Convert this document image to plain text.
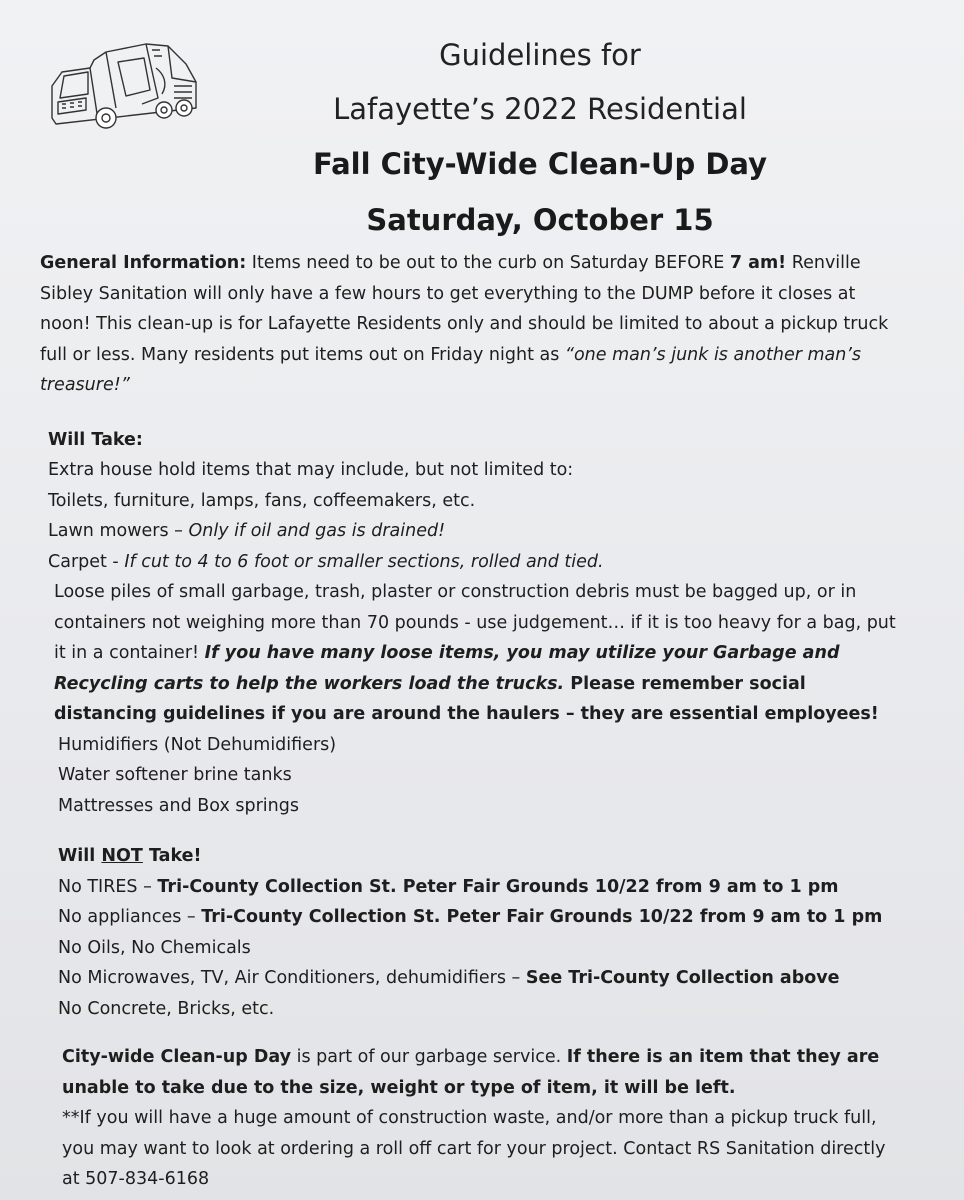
Guidelines for
Lafayette’s 2022 Residential
Fall City-Wide Clean-Up Day
Saturday, October 15

General Information: Items need to be out to the curb on Saturday BEFORE 7 am! Renville Sibley Sanitation will only have a few hours to get everything to the DUMP before it closes at noon! This clean-up is for Lafayette Residents only and should be limited to about a pickup truck full or less. Many residents put items out on Friday night as “one man’s junk is another man’s treasure!”

Will Take:
Extra house hold items that may include, but not limited to:
Toilets, furniture, lamps, fans, coffeemakers, etc.
Lawn mowers – Only if oil and gas is drained!
Carpet - If cut to 4 to 6 foot or smaller sections, rolled and tied.
Loose piles of small garbage, trash, plaster or construction debris must be bagged up, or in containers not weighing more than 70 pounds - use judgement… if it is too heavy for a bag, put it in a container! If you have many loose items, you may utilize your Garbage and Recycling carts to help the workers load the trucks. Please remember social distancing guidelines if you are around the haulers – they are essential employees!
Humidifiers (Not Dehumidifiers)
Water softener brine tanks
Mattresses and Box springs
Will NOT Take!
No TIRES – Tri-County Collection St. Peter Fair Grounds 10/22 from 9 am to 1 pm
No appliances – Tri-County Collection St. Peter Fair Grounds 10/22 from 9 am to 1 pm
No Oils, No Chemicals
No Microwaves, TV, Air Conditioners, dehumidifiers – See Tri-County Collection above
No Concrete, Bricks, etc.

City-wide Clean-up Day is part of our garbage service. If there is an item that they are unable to take due to the size, weight or type of item, it will be left.

**If you will have a huge amount of construction waste, and/or more than a pickup truck full, you may want to look at ordering a roll off cart for your project. Contact RS Sanitation directly at 507-834-6168
